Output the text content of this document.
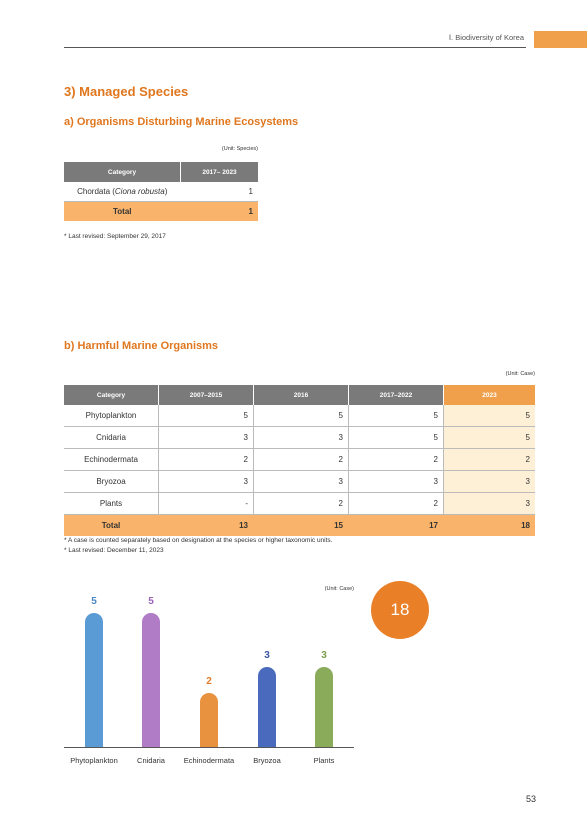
Ⅰ. Biodiversity of Korea
3) Managed Species
a) Organisms Disturbing Marine Ecosystems
(Unit: Species)
Category	2017– 2023
Chordata (Ciona robusta)	1
Total	1
* Last revised: September 29, 2017
b) Harmful Marine Organisms
(Unit: Case)
Category	2007–2015	2016	2017–2022	2023
Phytoplankton	5	5	5	5
Cnidaria	3	3	5	5
Echinodermata	2	2	2	2
Bryozoa	3	3	3	3
Plants	-	2	2	3
Total	13	15	17	18
* A case is counted separately based on designation at the species or higher taxonomic units.
* Last revised: December 11, 2023
(Unit: Case)
5
Phytoplankton
5
Cnidaria
2
Echinodermata
3
Bryozoa
3
Plants
18
53
